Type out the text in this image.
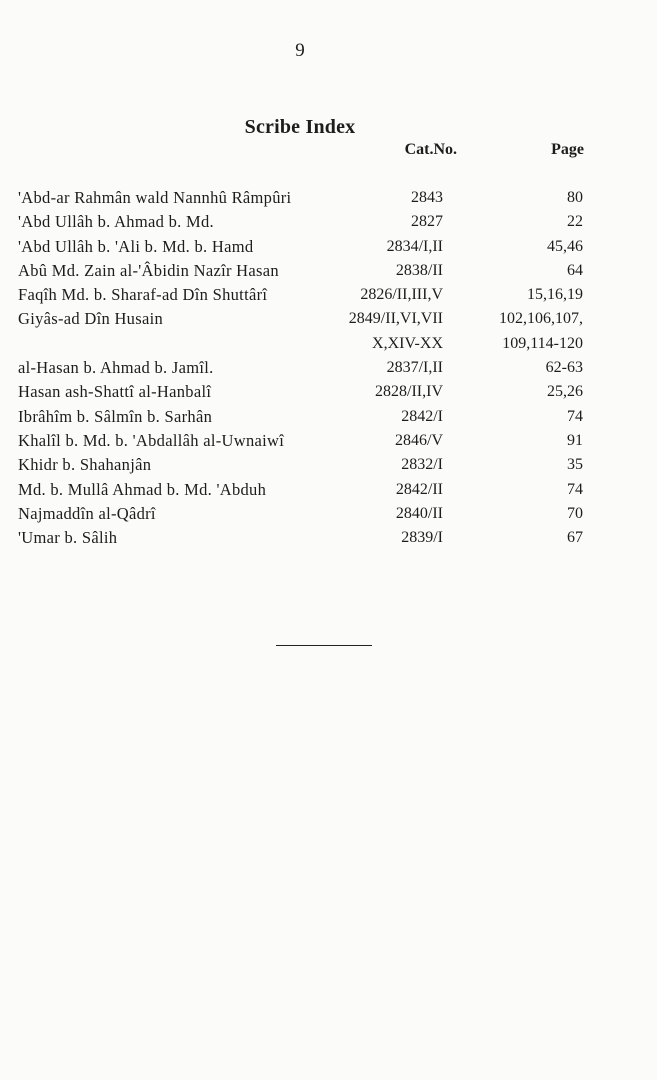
9
Scribe Index
Cat.No.	Page
'Abd-ar Rahmân wald Nannhû Râmpûri	2843	80
'Abd Ullâh b. Ahmad b. Md.	2827	22
'Abd Ullâh b. 'Ali b. Md. b. Hamd	2834/I,II	45,46
Abû Md. Zain al-'Âbidin Nazîr Hasan	2838/II	64
Faqîh Md. b. Sharaf-ad Dîn Shuttârî	2826/II,III,V	15,16,19
Giyâs-ad Dîn Husain	2849/II,VI,VII	102,106,107,
X,XIV-XX	109,114-120
al-Hasan b. Ahmad b. Jamîl.	2837/I,II	62-63
Hasan ash-Shattî al-Hanbalî	2828/II,IV	25,26
Ibrâhîm b. Sâlmîn b. Sarhân	2842/I	74
Khalîl b. Md. b. 'Abdallâh al-Uwnaiwî	2846/V	91
Khidr b. Shahanjân	2832/I	35
Md. b. Mullâ Ahmad b. Md. 'Abduh	2842/II	74
Najmaddîn al-Qâdrî	2840/II	70
'Umar b. Sâlih	2839/I	67
